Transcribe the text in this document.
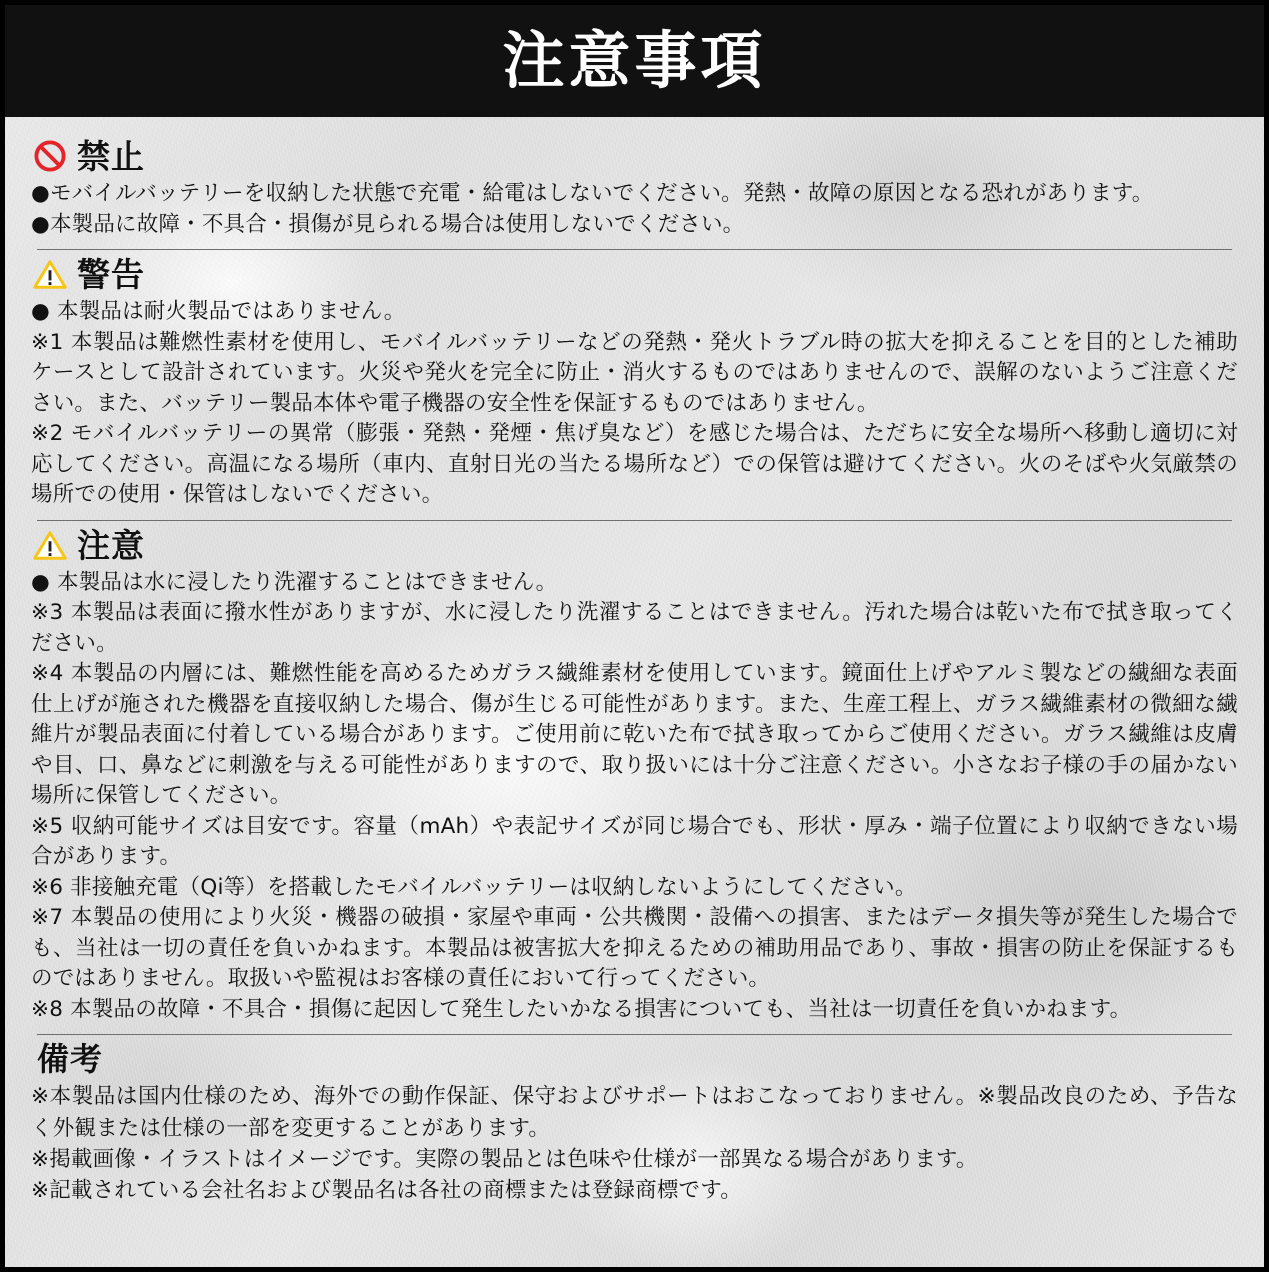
注意事項
禁止

●モバイルバッテリーを収納した状態で充電・給電はしないでください。発熱・故障の原因となる恐れがあります。

●本製品に故障・不具合・損傷が見られる場合は使用しないでください。

警告

● 本製品は耐火製品ではありません。

※1 本製品は難燃性素材を使用し、モバイルバッテリーなどの発熱・発火トラブル時の拡大を抑えることを目的とした補助ケースとして設計されています。火災や発火を完全に防止・消火するものではありませんので、誤解のないようご注意ください。また、バッテリー製品本体や電子機器の安全性を保証するものではありません。

※2 モバイルバッテリーの異常（膨張・発熱・発煙・焦げ臭など）を感じた場合は、ただちに安全な場所へ移動し適切に対応してください。高温になる場所（車内、直射日光の当たる場所など）での保管は避けてください。火のそばや火気厳禁の場所での使用・保管はしないでください。

注意

● 本製品は水に浸したり洗濯することはできません。

※3 本製品は表面に撥水性がありますが、水に浸したり洗濯することはできません。汚れた場合は乾いた布で拭き取ってください。

※4 本製品の内層には、難燃性能を高めるためガラス繊維素材を使用しています。鏡面仕上げやアルミ製などの繊細な表面仕上げが施された機器を直接収納した場合、傷が生じる可能性があります。また、生産工程上、ガラス繊維素材の微細な繊維片が製品表面に付着している場合があります。ご使用前に乾いた布で拭き取ってからご使用ください。ガラス繊維は皮膚や目、口、鼻などに刺激を与える可能性がありますので、取り扱いには十分ご注意ください。小さなお子様の手の届かない場所に保管してください。

※5 収納可能サイズは目安です。容量（mAh）や表記サイズが同じ場合でも、形状・厚み・端子位置により収納できない場合があります。

※6 非接触充電（Qi等）を搭載したモバイルバッテリーは収納しないようにしてください。

※7 本製品の使用により火災・機器の破損・家屋や車両・公共機関・設備への損害、またはデータ損失等が発生した場合でも、当社は一切の責任を負いかねます。本製品は被害拡大を抑えるための補助用品であり、事故・損害の防止を保証するものではありません。取扱いや監視はお客様の責任において行ってください。

※8 本製品の故障・不具合・損傷に起因して発生したいかなる損害についても、当社は一切責任を負いかねます。

備考

※本製品は国内仕様のため、海外での動作保証、保守およびサポートはおこなっておりません。※製品改良のため、予告なく外観または仕様の一部を変更することがあります。

※掲載画像・イラストはイメージです。実際の製品とは色味や仕様が一部異なる場合があります。

※記載されている会社名および製品名は各社の商標または登録商標です。
